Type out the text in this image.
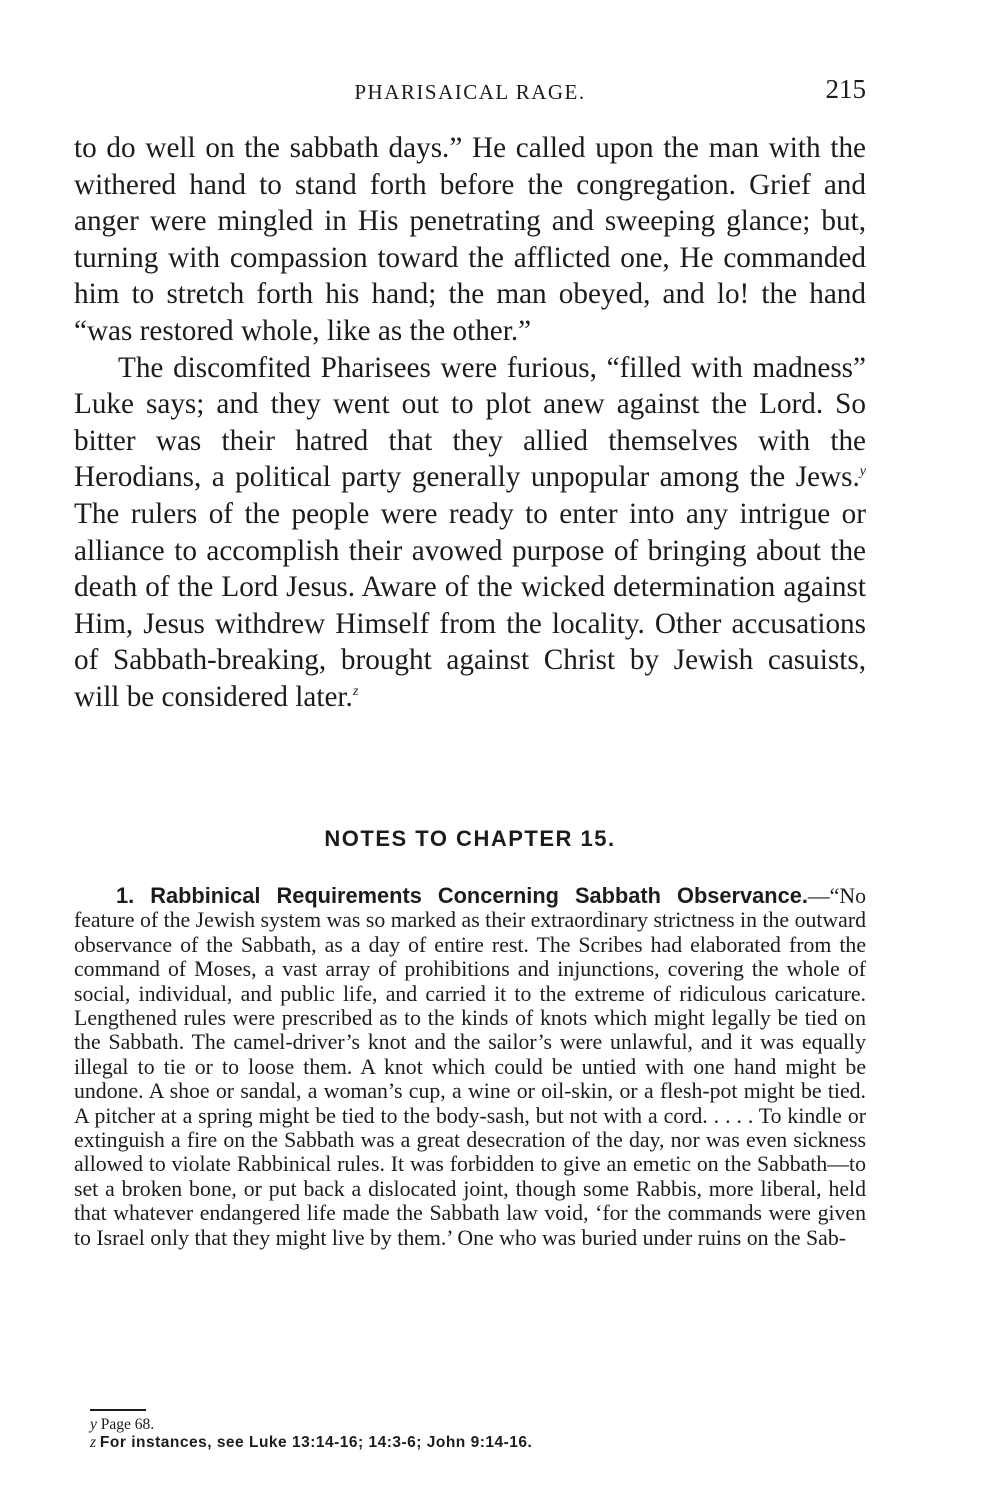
PHARISAICAL RAGE.	215

to do well on the sabbath days.” He called upon the man with the withered hand to stand forth before the congregation. Grief and anger were mingled in His penetrating and sweeping glance; but, turning with compassion toward the afflicted one, He commanded him to stretch forth his hand; the man obeyed, and lo! the hand “was restored whole, like as the other.”

The discomfited Pharisees were furious, “filled with madness” Luke says; and they went out to plot anew against the Lord. So bitter was their hatred that they allied themselves with the Herodians, a political party generally unpopular among the Jews.$^y$ The rulers of the people were ready to enter into any intrigue or alliance to accomplish their avowed purpose of bringing about the death of the Lord Jesus. Aware of the wicked determination against Him, Jesus withdrew Himself from the locality. Other accusations of Sabbath-breaking, brought against Christ by Jewish casuists, will be considered later.$^z$

NOTES TO CHAPTER 15.

1. Rabbinical Requirements Concerning Sabbath Observance.—“No feature of the Jewish system was so marked as their extraordinary strictness in the outward observance of the Sabbath, as a day of entire rest. The Scribes had elaborated from the command of Moses, a vast array of prohibitions and injunctions, covering the whole of social, individual, and public life, and carried it to the extreme of ridiculous caricature. Lengthened rules were prescribed as to the kinds of knots which might legally be tied on the Sabbath. The camel-driver’s knot and the sailor’s were unlawful, and it was equally illegal to tie or to loose them. A knot which could be untied with one hand might be undone. A shoe or sandal, a woman’s cup, a wine or oil-skin, or a flesh-pot might be tied. A pitcher at a spring might be tied to the body-sash, but not with a cord. . . . . To kindle or extinguish a fire on the Sabbath was a great desecration of the day, nor was even sickness allowed to violate Rabbinical rules. It was forbidden to give an emetic on the Sabbath—to set a broken bone, or put back a dislocated joint, though some Rabbis, more liberal, held that whatever endangered life made the Sabbath law void, ‘for the commands were given to Israel only that they might live by them.’ One who was buried under ruins on the Sab-

y Page 68.
z For instances, see Luke 13:14-16; 14:3-6; John 9:14-16.
